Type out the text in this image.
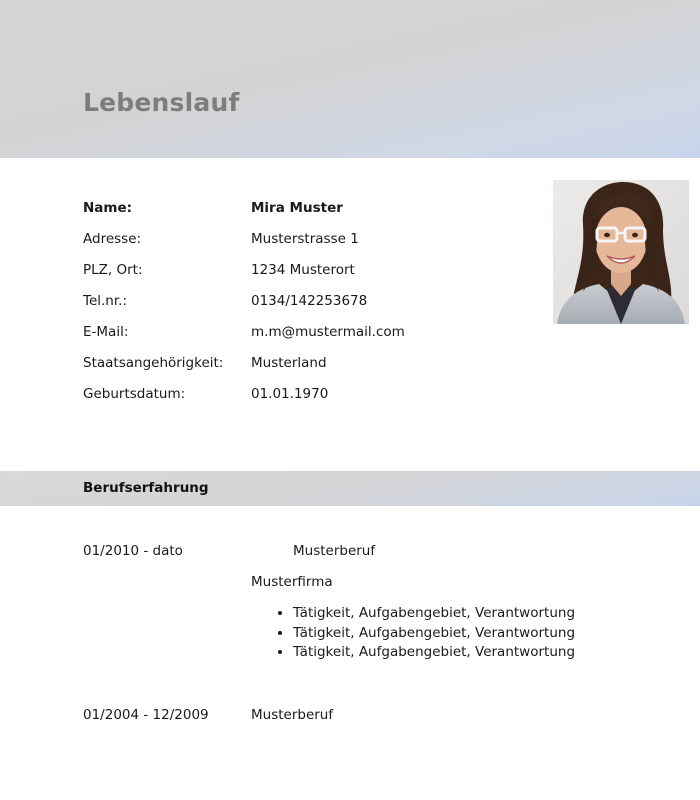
Lebenslauf
Name:	Mira Muster
Adresse:	Musterstrasse 1
PLZ, Ort:	1234 Musterort
Tel.nr.:	0134/142253678
E-Mail:	m.m@mustermail.com
Staatsangehörigkeit: Musterland
Geburtsdatum:	01.01.1970
Berufserfahrung
01/2010 - dato	Musterberuf
Musterfirma
• Tätigkeit, Aufgabengebiet, Verantwortung
• Tätigkeit, Aufgabengebiet, Verantwortung
• Tätigkeit, Aufgabengebiet, Verantwortung
01/2004 - 12/2009	Musterberuf
